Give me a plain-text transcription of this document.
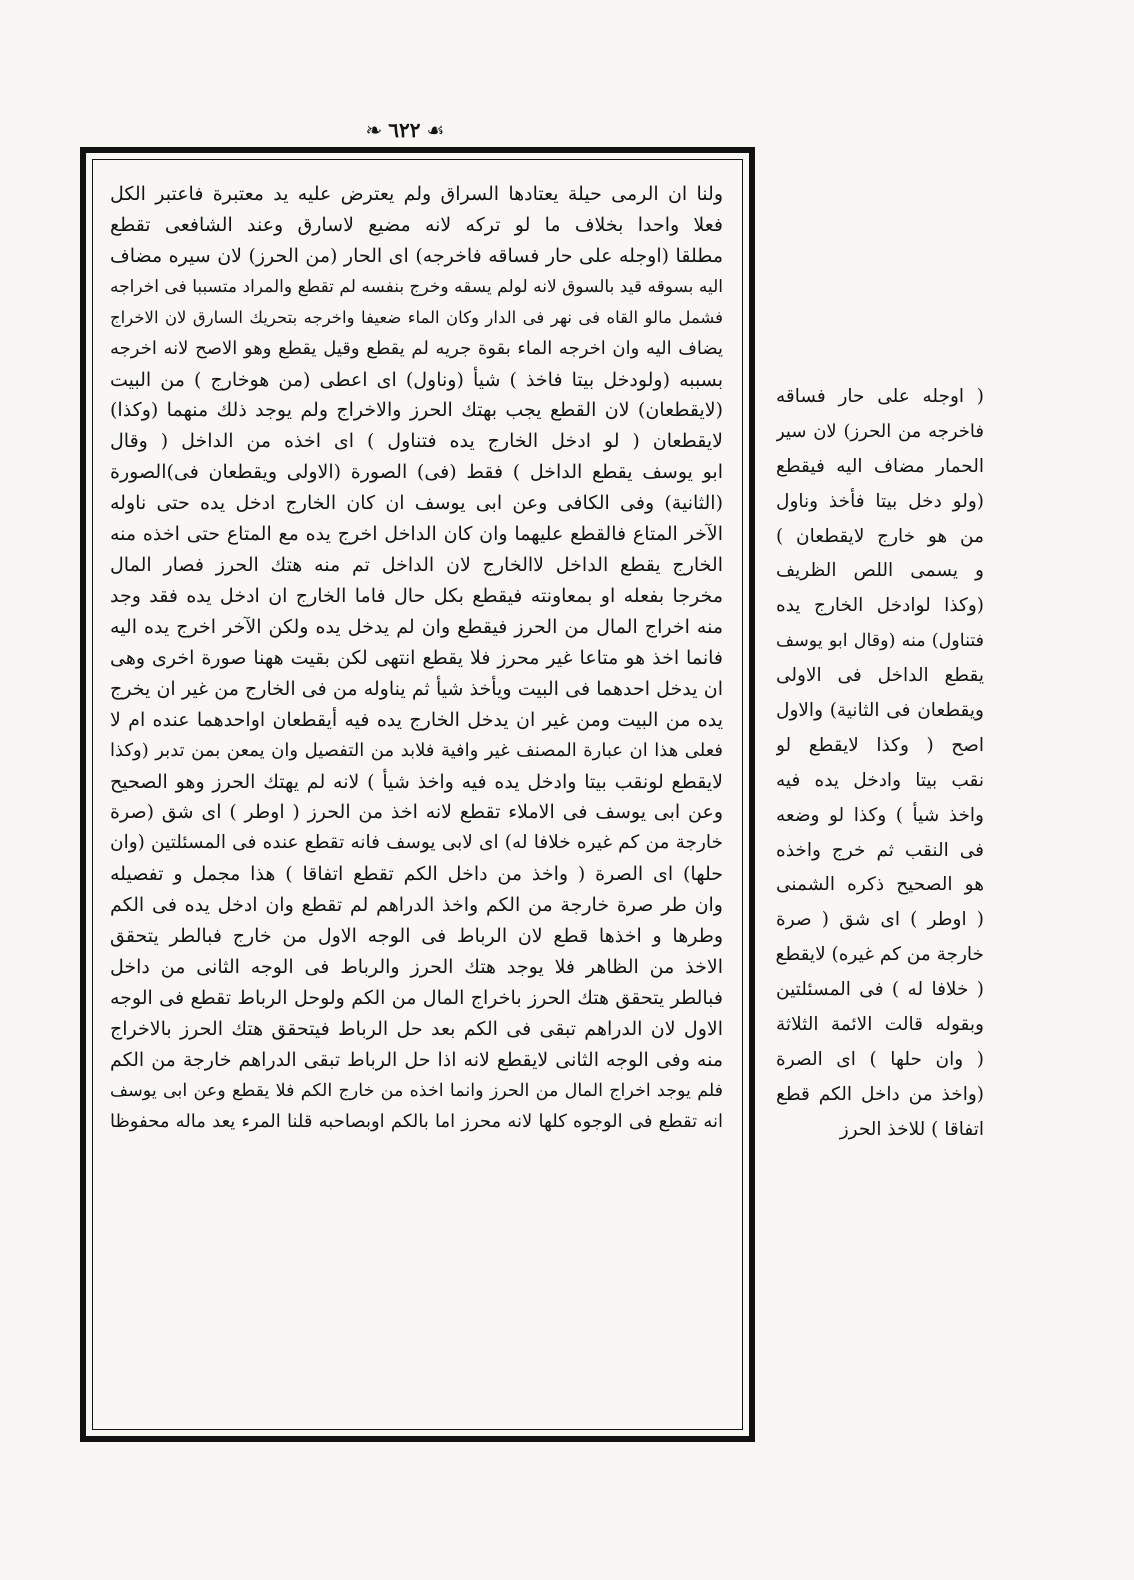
❧ ٦٢٢ ☙
ولنا ان الرمى حيلة يعتادها السراق ولم يعترض عليه يد معتبرة فاعتبر الكل
فعلا واحدا بخلاف ما لو تركه لانه مضيع لاسارق وعند الشافعى تقطع
مطلقا (اوجله على حار فساقه فاخرجه) اى الحار (من الحرز) لان سيره مضاف
اليه بسوقه قيد بالسوق لانه لولم يسقه وخرج بنفسه لم تقطع والمراد متسببا فى اخراجه
فشمل مالو القاه فى نهر فى الدار وكان الماء ضعيفا واخرجه بتحريك السارق لان الاخراج
يضاف اليه وان اخرجه الماء بقوة جريه لم يقطع وقيل يقطع وهو الاصح لانه اخرجه
بسببه (ولودخل بيتا فاخذ ) شيأ (وناول) اى اعطى (من هوخارج ) من البيت
(لايقطعان) لان القطع يجب بهتك الحرز والاخراج ولم يوجد ذلك منهما (وكذا)
لايقطعان ( لو ادخل الخارج يده فتناول ) اى اخذه من الداخل ( وقال
ابو يوسف يقطع الداخل ) فقط (فى) الصورة (الاولى ويقطعان فى)الصورة
(الثانية) وفى الكافى وعن ابى يوسف ان كان الخارج ادخل يده حتى ناوله
الآخر المتاع فالقطع عليهما وان كان الداخل اخرج يده مع المتاع حتى اخذه منه
الخارج يقطع الداخل لاالخارج لان الداخل تم منه هتك الحرز فصار المال
مخرجا بفعله او بمعاونته فيقطع بكل حال فاما الخارج ان ادخل يده فقد وجد
منه اخراج المال من الحرز فيقطع وان لم يدخل يده ولكن الآخر اخرج يده اليه
فانما اخذ هو متاعا غير محرز فلا يقطع انتهى لكن بقيت ههنا صورة اخرى وهى
ان يدخل احدهما فى البيت ويأخذ شيأ ثم يناوله من فى الخارج من غير ان يخرج
يده من البيت ومن غير ان يدخل الخارج يده فيه أيقطعان اواحدهما عنده ام لا
فعلى هذا ان عبارة المصنف غير وافية فلابد من التفصيل وان يمعن بمن تدبر (وكذا
لايقطع لونقب بيتا وادخل يده فيه واخذ شيأ ) لانه لم يهتك الحرز وهو الصحيح
وعن ابى يوسف فى الاملاء تقطع لانه اخذ من الحرز ( اوطر ) اى شق (صرة
خارجة من كم غيره خلافا له) اى لابى يوسف فانه تقطع عنده فى المسئلتين (وان
حلها) اى الصرة ( واخذ من داخل الكم تقطع اتفاقا ) هذا مجمل و تفصيله
وان طر صرة خارجة من الكم واخذ الدراهم لم تقطع وان ادخل يده فى الكم
وطرها و اخذها قطع لان الرباط فى الوجه الاول من خارج فبالطر يتحقق
الاخذ من الظاهر فلا يوجد هتك الحرز والرباط فى الوجه الثانى من داخل
فبالطر يتحقق هتك الحرز باخراج المال من الكم ولوحل الرباط تقطع فى الوجه
الاول لان الدراهم تبقى فى الكم بعد حل الرباط فيتحقق هتك الحرز بالاخراج
منه وفى الوجه الثانى لايقطع لانه اذا حل الرباط تبقى الدراهم خارجة من الكم
فلم يوجد اخراج المال من الحرز وانما اخذه من خارج الكم فلا يقطع وعن ابى يوسف
انه تقطع فى الوجوه كلها لانه محرز اما بالكم اوبصاحبه قلنا المرء يعد ماله محفوظا
( اوجله على حار فساقه
فاخرجه من الحرز) لان سير
الحمار مضاف اليه فيقطع
(ولو دخل بيتا فأخذ وناول
من هو خارج لايقطعان )
و يسمى اللص الظريف
(وكذا لوادخل الخارج يده
فتناول) منه (وقال ابو يوسف
يقطع الداخل فى الاولى
ويقطعان فى الثانية) والاول
اصح ( وكذا لايقطع لو
نقب بيتا وادخل يده فيه
واخذ شيأ ) وكذا لو وضعه
فى النقب ثم خرج واخذه
هو الصحيح ذكره الشمنى
( اوطر ) اى شق ( صرة
خارجة من كم غيره) لايقطع
( خلافا له ) فى المسئلتين
وبقوله قالت الائمة الثلاثة
( وان حلها ) اى الصرة
(واخذ من داخل الكم قطع
اتفاقا ) للاخذ الحرز
